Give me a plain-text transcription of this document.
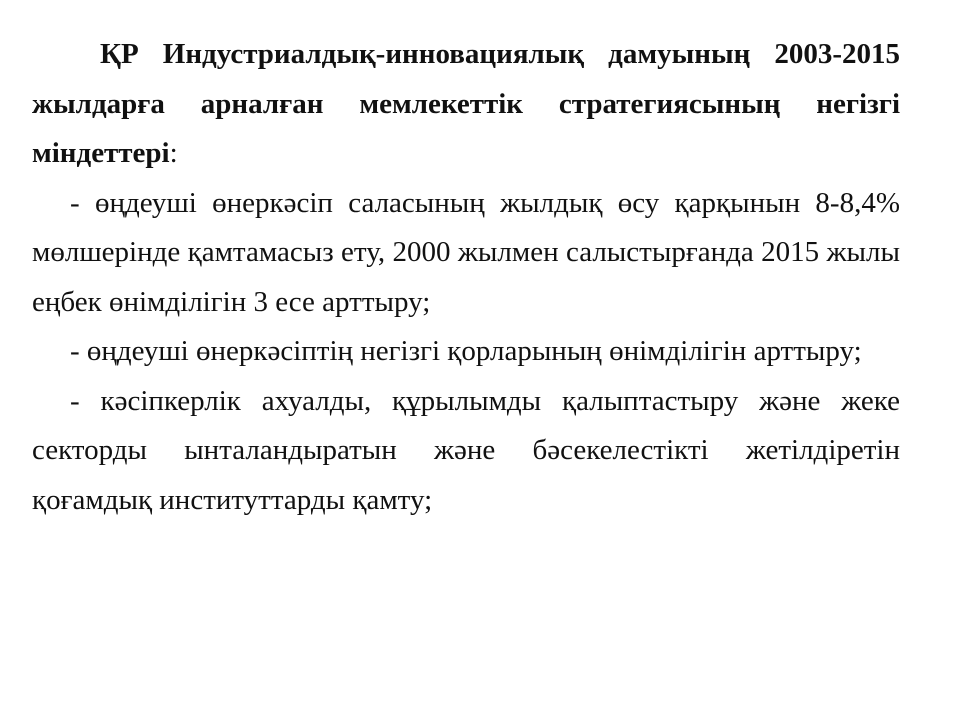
ҚР Индустриалдық-инновациялық дамуының 2003-2015 жылдарға арналған мемлекеттік стратегиясының негізгі міндеттері:

- өңдеуші өнеркәсіп саласының жылдық өсу қарқынын 8-8,4% мөлшерінде қамтамасыз ету, 2000 жылмен салыстырғанда 2015 жылы еңбек өнімділігін 3 есе арттыру;

- өңдеуші өнеркәсіптің негізгі қорларының өнімділігін арттыру;

- кәсіпкерлік ахуалды, құрылымды қалыптастыру және жеке секторды ынталандыратын және бәсекелестікті жетілдіретін қоғамдық институттарды қамту;
